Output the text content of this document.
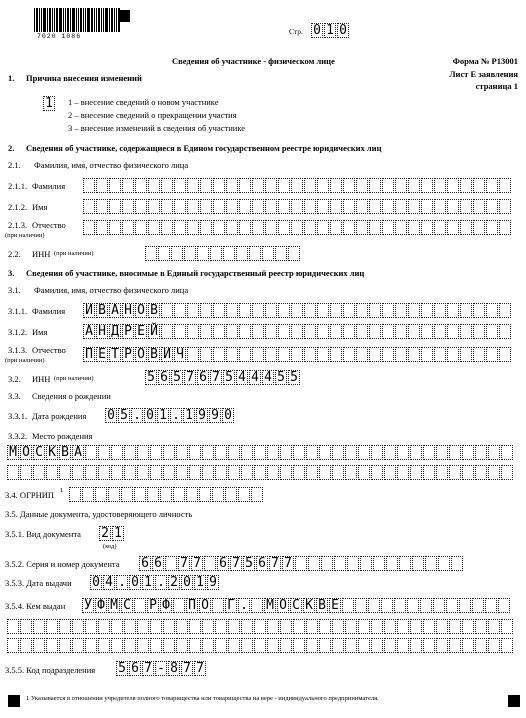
7020 1086
Стр. 0 1 0
Сведения об участнике - физическом лице	Форма № Р13001
Лист Е заявления
страница 1
1. Причина внесения изменений
1 1 – внесение сведений о новом участнике
2 – внесение сведений о прекращении участия
3 – внесение изменений в сведения об участнике
2. Сведения об участнике, содержащиеся в Едином государственном реестре юридических лиц
2.1. Фамилия, имя, отчество физического лица
2.1.1. Фамилия
2.1.2. Имя
2.1.3. Отчество
(при наличии)
2.2. ИНН (при наличии)
3. Сведения об участнике, вносимые в Единый государственный реестр юридических лиц
3.1. Фамилия, имя, отчество физического лица
3.1.1. Фамилия И В А Н О В
3.1.2. Имя	А Н Д Р Е Й
3.1.3. Отчество
(при наличии)	П Е Т Р О В И Ч
3.2. ИНН (при наличии)	5 6 5 7 6 7 5 4 4 4 5 5
3.3. Сведения о рождении
3.3.1. Дата рождения 0 5 . 0 1 . 1 9 9 0
3.3.2. Место рождения
М О С К В А
3.4. ОГРНИП 1
3.5. Данные документа, удостоверяющего личность
3.5.1. Вид документа 2 1
(код)
3.5.2. Серия и номер документа 6 6 7 7 6 7 5 6 7 7
3.5.3. Дата выдачи 0 4 . 0 1 . 2 0 1 9
3.5.4. Кем выдан У Ф М С Р Ф П О Г . М О С К В Е
3.5.5. Код подразделения 5 6 7 - 8 7 7
1 Указывается в отношении учредителя полного товарищества или товарищества на вере - индивидуального предпринимателя.
